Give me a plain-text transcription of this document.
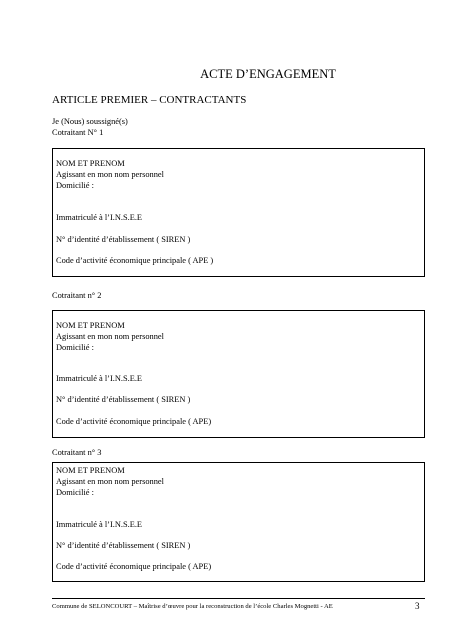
ACTE D’ENGAGEMENT
ARTICLE PREMIER – CONTRACTANTS
Je (Nous) soussigné(s)
Cotraitant N° 1
NOM ET PRENOM
Agissant en mon nom personnel
Domicilié :
Immatriculé à l’I.N.S.E.E
N° d’identité d’établissement ( SIREN )
Code d’activité économique principale ( APE )
Cotraitant n° 2
NOM ET PRENOM
Agissant en mon nom personnel
Domicilié :
Immatriculé à l’I.N.S.E.E
N° d’identité d’établissement ( SIREN )
Code d’activité économique principale ( APE)
Cotraitant n° 3
NOM ET PRENOM
Agissant en mon nom personnel
Domicilié :
Immatriculé à l’I.N.S.E.E
N° d’identité d’établissement ( SIREN )
Code d’activité économique principale ( APE)
Commune de SELONCOURT – Maîtrise d’œuvre pour la reconstruction de l’école Charles Mognetti - AE	3
